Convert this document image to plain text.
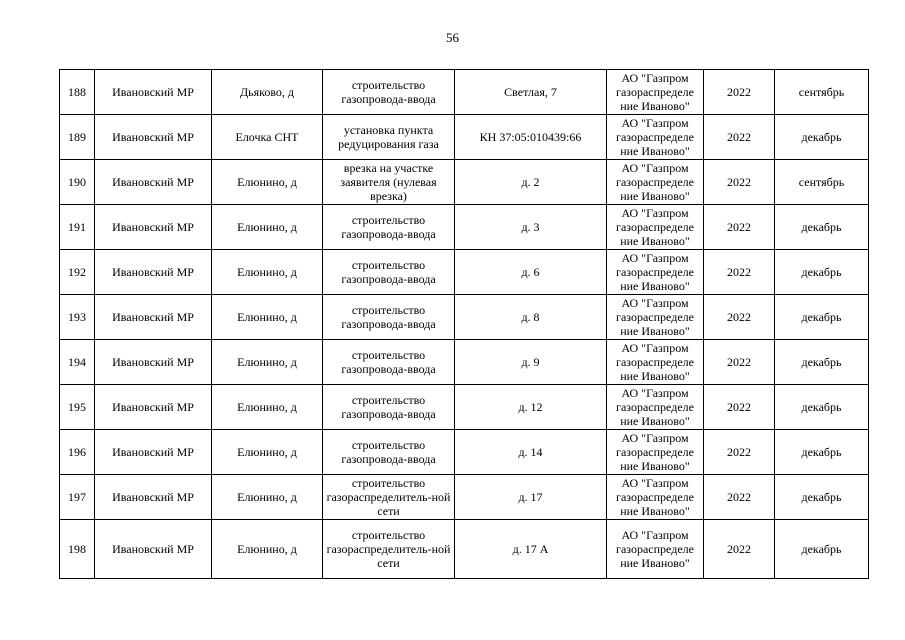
56
188	Ивановский МР	Дьяково, д	строительство газопровода-ввода	Светлая, 7	АО "Газпром газораспределе ние Иваново"	2022	сентябрь
189	Ивановский МР	Елочка СНТ	установка пункта редуцирования газа	КН 37:05:010439:66	АО "Газпром газораспределе ние Иваново"	2022	декабрь
190	Ивановский МР	Елюнино, д	врезка на участке заявителя (нулевая врезка)	д. 2	АО "Газпром газораспределе ние Иваново"	2022	сентябрь
191	Ивановский МР	Елюнино, д	строительство газопровода-ввода	д. 3	АО "Газпром газораспределе ние Иваново"	2022	декабрь
192	Ивановский МР	Елюнино, д	строительство газопровода-ввода	д. 6	АО "Газпром газораспределе ние Иваново"	2022	декабрь
193	Ивановский МР	Елюнино, д	строительство газопровода-ввода	д. 8	АО "Газпром газораспределе ние Иваново"	2022	декабрь
194	Ивановский МР	Елюнино, д	строительство газопровода-ввода	д. 9	АО "Газпром газораспределе ние Иваново"	2022	декабрь
195	Ивановский МР	Елюнино, д	строительство газопровода-ввода	д. 12	АО "Газпром газораспределе ние Иваново"	2022	декабрь
196	Ивановский МР	Елюнино, д	строительство газопровода-ввода	д. 14	АО "Газпром газораспределе ние Иваново"	2022	декабрь
197	Ивановский МР	Елюнино, д	строительство газораспределитель-ной сети	д. 17	АО "Газпром газораспределе ние Иваново"	2022	декабрь
198	Ивановский МР	Елюнино, д	строительство газораспределитель-ной сети	д. 17 А	АО "Газпром газораспределе ние Иваново"	2022	декабрь
